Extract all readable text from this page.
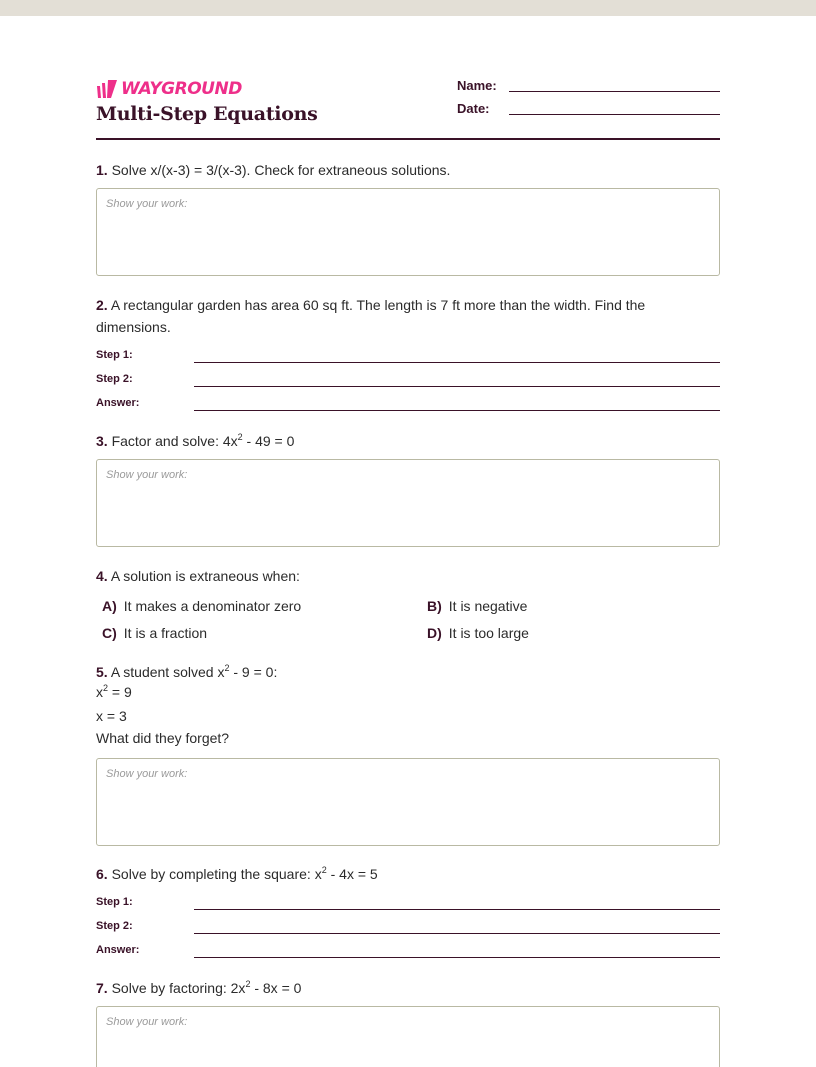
WAYGROUND
Multi-Step Equations
Name:
Date:
1. Solve x/(x-3) = 3/(x-3). Check for extraneous solutions.
Show your work:
2. A rectangular garden has area 60 sq ft. The length is 7 ft more than the width. Find the
dimensions.
Step 1:
Step 2:
Answer:
3. Factor and solve: $4x^2 - 49 = 0$
Show your work:
4. A solution is extraneous when:
A) It makes a denominator zero	B) It is negative
C) It is a fraction	D) It is too large
5. A student solved $x^2 - 9 = 0$:
$x^2 = 9$
x = 3
What did they forget?
Show your work:
6. Solve by completing the square: $x^2 - 4x = 5$
Step 1:
Step 2:
Answer:
7. Solve by factoring: $2x^2 - 8x = 0$
Show your work:
